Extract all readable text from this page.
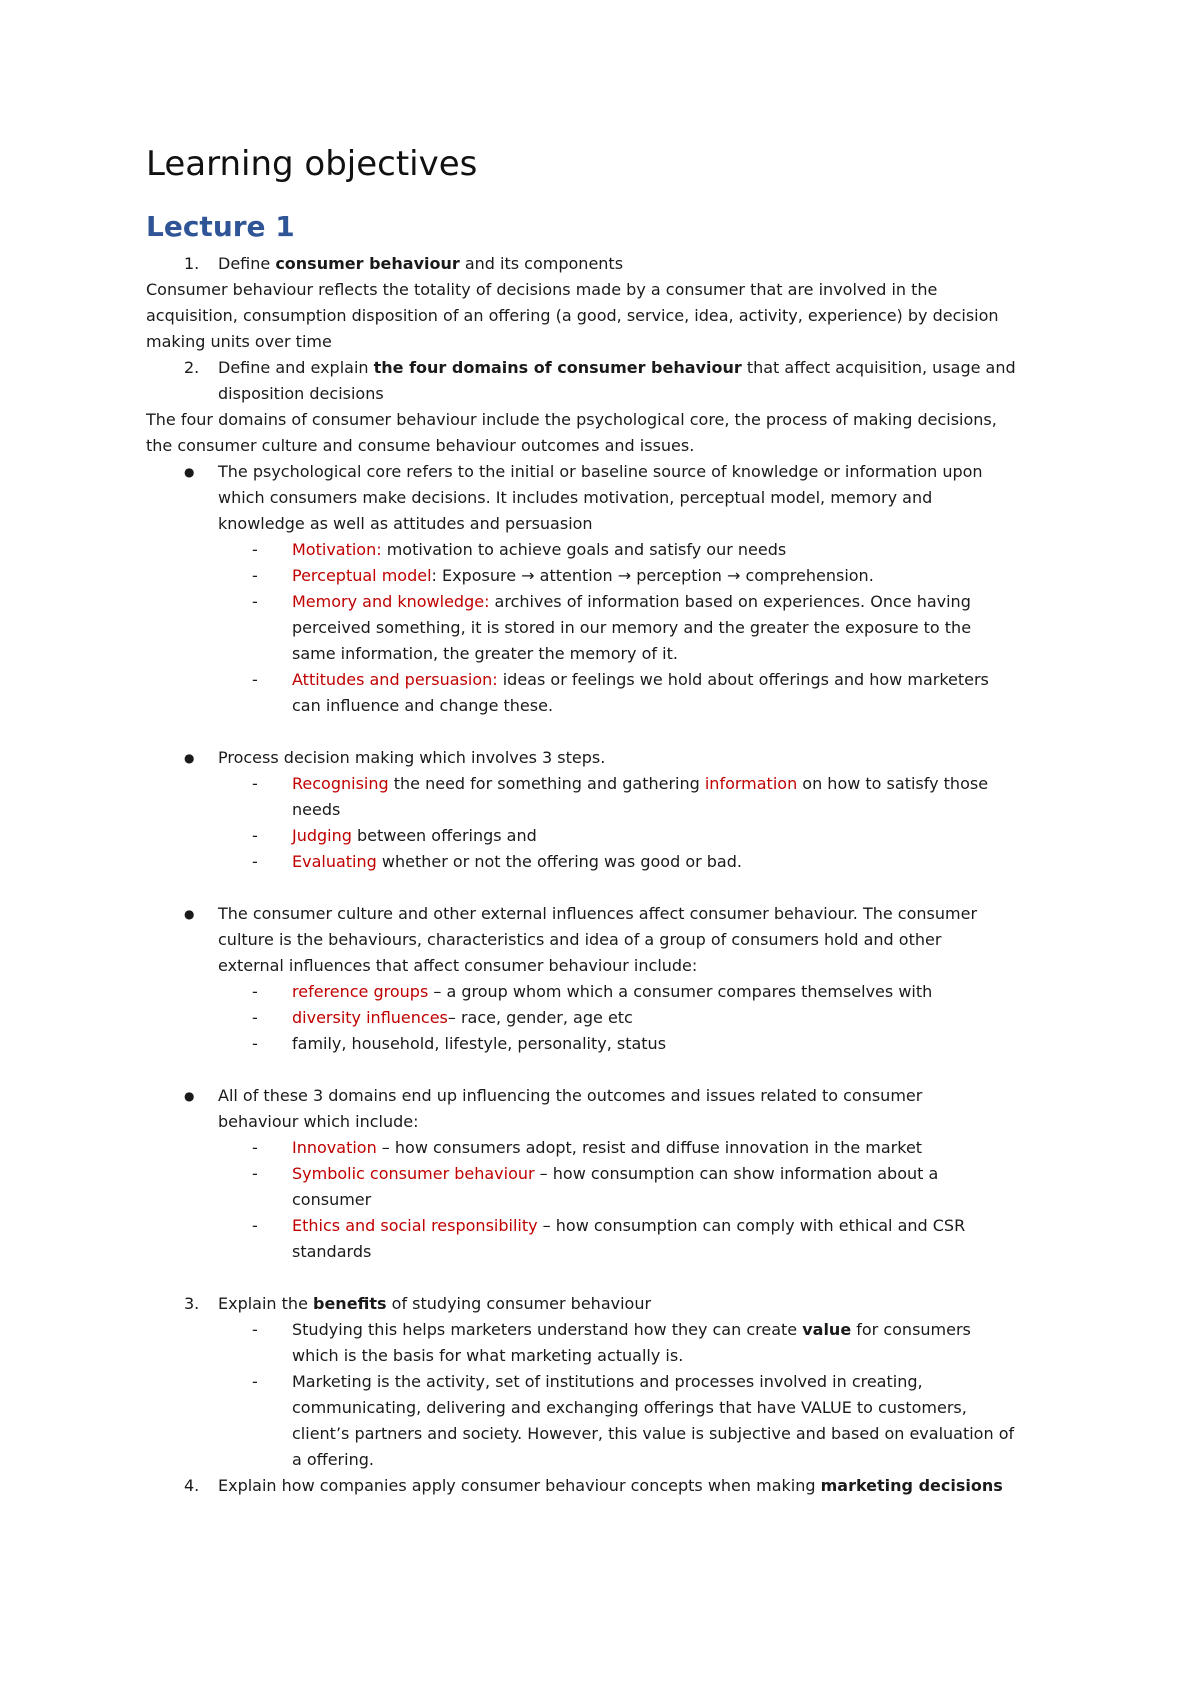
Learning objectives
Lecture 1
1.	Define consumer behaviour and its components
Consumer behaviour reflects the totality of decisions made by a consumer that are involved in the
acquisition, consumption disposition of an offering (a good, service, idea, activity, experience) by decision
making units over time
2.	Define and explain the four domains of consumer behaviour that affect acquisition, usage and
disposition decisions
The four domains of consumer behaviour include the psychological core, the process of making decisions,
the consumer culture and consume behaviour outcomes and issues.
●	The psychological core refers to the initial or baseline source of knowledge or information upon
which consumers make decisions. It includes motivation, perceptual model, memory and
knowledge as well as attitudes and persuasion
-	Motivation: motivation to achieve goals and satisfy our needs
-	Perceptual model: Exposure → attention → perception → comprehension.
-	Memory and knowledge: archives of information based on experiences. Once having
perceived something, it is stored in our memory and the greater the exposure to the
same information, the greater the memory of it.
-	Attitudes and persuasion: ideas or feelings we hold about offerings and how marketers
can influence and change these.
●	Process decision making which involves 3 steps.
-	Recognising the need for something and gathering information on how to satisfy those
needs
-	Judging between offerings and
-	Evaluating whether or not the offering was good or bad.
●	The consumer culture and other external influences affect consumer behaviour. The consumer
culture is the behaviours, characteristics and idea of a group of consumers hold and other
external influences that affect consumer behaviour include:
-	reference groups – a group whom which a consumer compares themselves with
-	diversity influences– race, gender, age etc
-	family, household, lifestyle, personality, status
●	All of these 3 domains end up influencing the outcomes and issues related to consumer
behaviour which include:
-	Innovation – how consumers adopt, resist and diffuse innovation in the market
-	Symbolic consumer behaviour – how consumption can show information about a
consumer
-	Ethics and social responsibility – how consumption can comply with ethical and CSR
standards
3.	Explain the benefits of studying consumer behaviour
-	Studying this helps marketers understand how they can create value for consumers
which is the basis for what marketing actually is.
-	Marketing is the activity, set of institutions and processes involved in creating,
communicating, delivering and exchanging offerings that have VALUE to customers,
client’s partners and society. However, this value is subjective and based on evaluation of
a offering.
4.	Explain how companies apply consumer behaviour concepts when making marketing decisions
